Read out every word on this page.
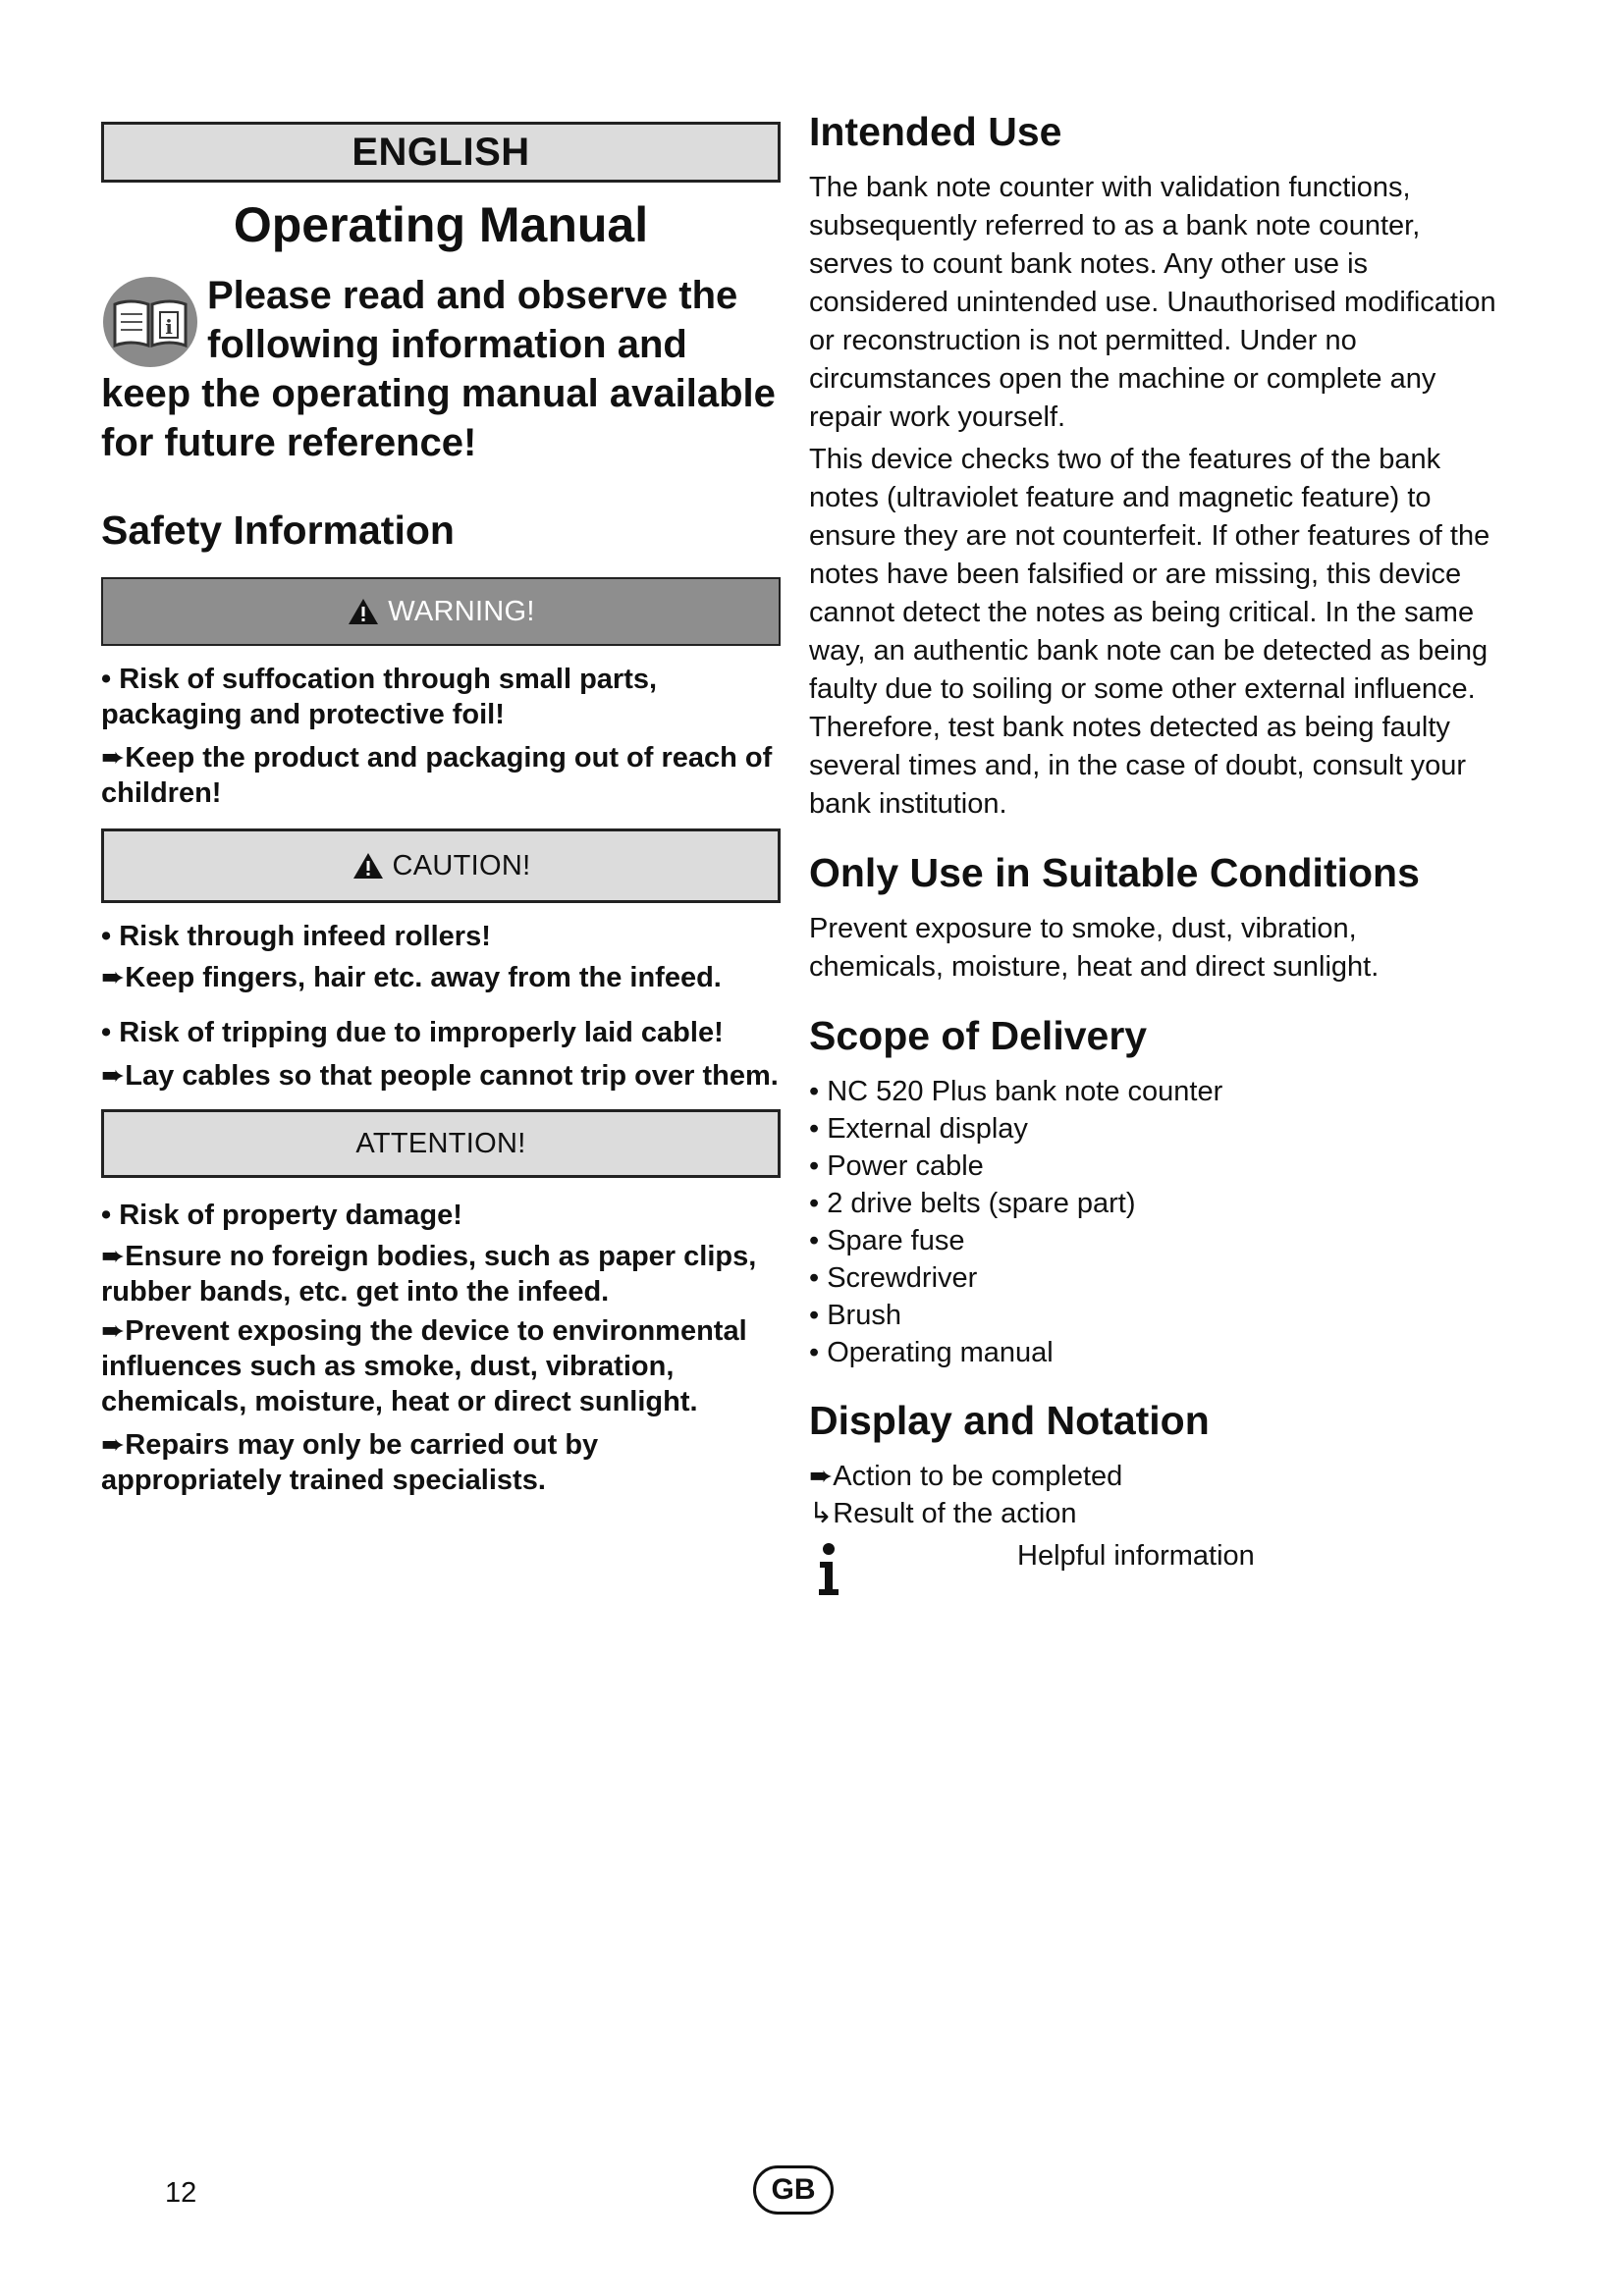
ENGLISH
Operating Manual
i
Please read and observe the following information and keep the operating manual available for future reference!
Safety Information
WARNING!
• Risk of suffocation through small parts, packaging and protective foil!
➨Keep the product and packaging out of reach of children!
CAUTION!
• Risk through infeed rollers!
➨Keep fingers, hair etc. away from the infeed.
• Risk of tripping due to improperly laid cable!
➨Lay cables so that people cannot trip over them.
ATTENTION!
• Risk of property damage!
➨Ensure no foreign bodies, such as paper clips, rubber bands, etc. get into the infeed.
➨Prevent exposing the device to environmental influences such as smoke, dust, vibration, chemicals, moisture, heat or direct sunlight.
➨Repairs may only be carried out by appropriately trained specialists.
Intended Use
The bank note counter with validation functions, subsequently referred to as a bank note counter, serves to count bank notes. Any other use is considered unintended use. Unauthorised modification or reconstruction is not permitted. Under no circumstances open the machine or complete any repair work yourself.
This device checks two of the features of the bank notes (ultraviolet feature and magnetic feature) to ensure they are not counterfeit. If other features of the notes have been falsified or are missing, this device cannot detect the notes as being critical. In the same way, an authentic bank note can be detected as being faulty due to soiling or some other external influence. Therefore, test bank notes detected as being faulty several times and, in the case of doubt, consult your bank institution.
Only Use in Suitable Conditions
Prevent exposure to smoke, dust, vibration, chemicals, moisture, heat and direct sunlight.
Scope of Delivery
• NC 520 Plus bank note counter
• External display
• Power cable
• 2 drive belts (spare part)
• Spare fuse
• Screwdriver
• Brush
• Operating manual
Display and Notation
➨Action to be completed
↳Result of the action
Helpful information
12	GB
